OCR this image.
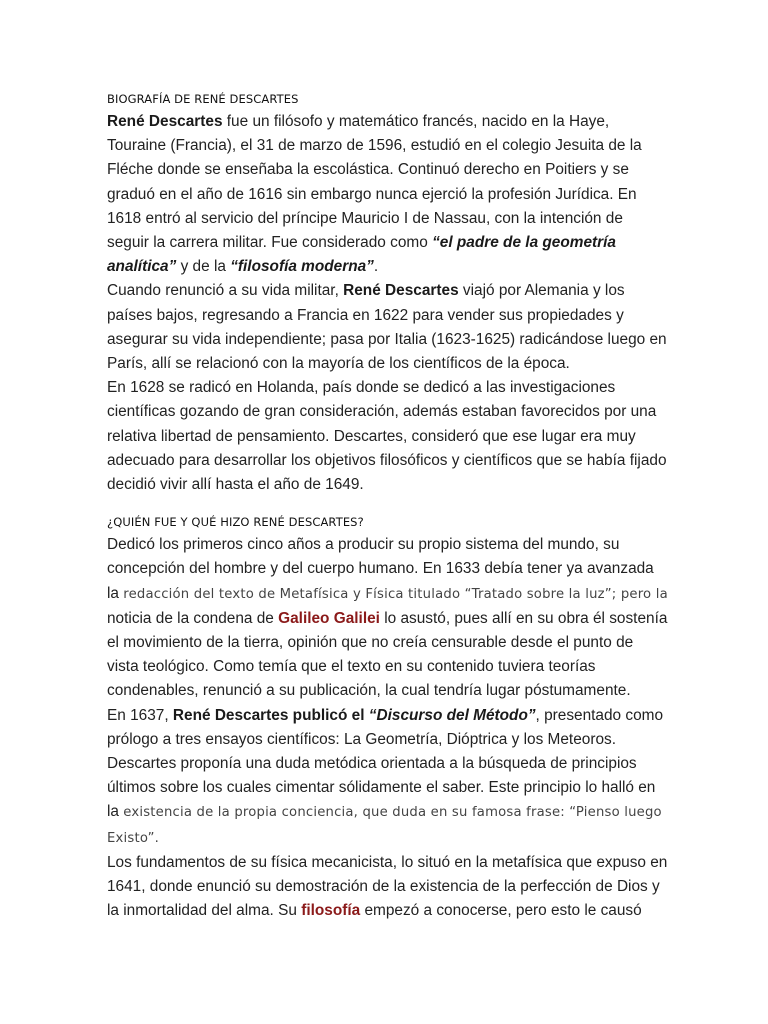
BIOGRAFÍA DE RENÉ DESCARTES

René Descartes fue un filósofo y matemático francés, nacido en la Haye, Touraine (Francia), el 31 de marzo de 1596, estudió en el colegio Jesuita de la Fléche donde se enseñaba la escolástica. Continuó derecho en Poitiers y se graduó en el año de 1616 sin embargo nunca ejerció la profesión Jurídica. En 1618 entró al servicio del príncipe Mauricio I de Nassau, con la intención de seguir la carrera militar. Fue considerado como “el padre de la geometría analítica” y de la “filosofía moderna”.

Cuando renunció a su vida militar, René Descartes viajó por Alemania y los países bajos, regresando a Francia en 1622 para vender sus propiedades y asegurar su vida independiente; pasa por Italia (1623-1625) radicándose luego en París, allí se relacionó con la mayoría de los científicos de la época.

En 1628 se radicó en Holanda, país donde se dedicó a las investigaciones científicas gozando de gran consideración, además estaban favorecidos por una relativa libertad de pensamiento. Descartes, consideró que ese lugar era muy adecuado para desarrollar los objetivos filosóficos y científicos que se había fijado decidió vivir allí hasta el año de 1649.

¿QUIÉN FUE Y QUÉ HIZO RENÉ DESCARTES?

Dedicó los primeros cinco años a producir su propio sistema del mundo, su concepción del hombre y del cuerpo humano. En 1633 debía tener ya avanzada la redacción del texto de Metafísica y Física titulado “Tratado sobre la luz”; pero la noticia de la condena de Galileo Galilei lo asustó, pues allí en su obra él sostenía el movimiento de la tierra, opinión que no creía censurable desde el punto de vista teológico. Como temía que el texto en su contenido tuviera teorías condenables, renunció a su publicación, la cual tendría lugar póstumamente.

En 1637, René Descartes publicó el “Discurso del Método”, presentado como prólogo a tres ensayos científicos: La Geometría, Dióptrica y los Meteoros. Descartes proponía una duda metódica orientada a la búsqueda de principios últimos sobre los cuales cimentar sólidamente el saber. Este principio lo halló en la existencia de la propia conciencia, que duda en su famosa frase: “Pienso luego Existo”.

Los fundamentos de su física mecanicista, lo situó en la metafísica que expuso en 1641, donde enunció su demostración de la existencia de la perfección de Dios y la inmortalidad del alma. Su filosofía empezó a conocerse, pero esto le causó
